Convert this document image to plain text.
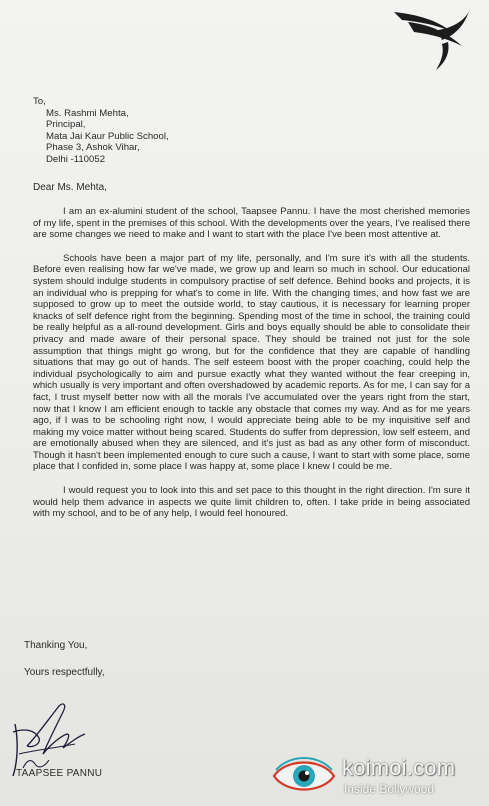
To,
Ms. Rashmi Mehta,
Principal,
Mata Jai Kaur Public School,
Phase 3, Ashok Vihar,
Delhi -110052
Dear Ms. Mehta,

I am an ex-alumini student of the school, Taapsee Pannu. I have the most cherished memories of my life, spent in the premises of this school. With the developments over the years, I've realised there are some changes we need to make and I want to start with the place I've been most attentive at.

Schools have been a major part of my life, personally, and I'm sure it's with all the students. Before even realising how far we've made, we grow up and learn so much in school. Our educational system should indulge students in compulsory practise of self defence. Behind books and projects, it is an individual who is prepping for what's to come in life. With the changing times, and how fast we are supposed to grow up to meet the outside world, to stay cautious, it is necessary for learning proper knacks of self defence right from the beginning. Spending most of the time in school, the training could be really helpful as a all-round development. Girls and boys equally should be able to consolidate their privacy and made aware of their personal space. They should be trained not just for the sole assumption that things might go wrong, but for the confidence that they are capable of handling situations that may go out of hands. The self esteem boost with the proper coaching, could help the individual psychologically to aim and pursue exactly what they wanted without the fear creeping in, which usually is very important and often overshadowed by academic reports. As for me, I can say for a fact, I trust myself better now with all the morals I've accumulated over the years right from the start, now that I know I am efficient enough to tackle any obstacle that comes my way. And as for me years ago, if I was to be schooling right now, I would appreciate being able to be my inquisitive self and making my voice matter without being scared. Students do suffer from depression, low self esteem, and are emotionally abused when they are silenced, and it's just as bad as any other form of misconduct. Though it hasn't been implemented enough to cure such a cause, I want to start with some place, some place that I confided in, some place I was happy at, some place I knew I could be me.

I would request you to look into this and set pace to this thought in the right direction. I'm sure it would help them advance in aspects we quite limit children to, often. I take pride in being associated with my school, and to be of any help, I would feel honoured.

Thanking You,
Yours respectfully,
TAAPSEE PANNU	koimoi.com
Inside Bollywood
